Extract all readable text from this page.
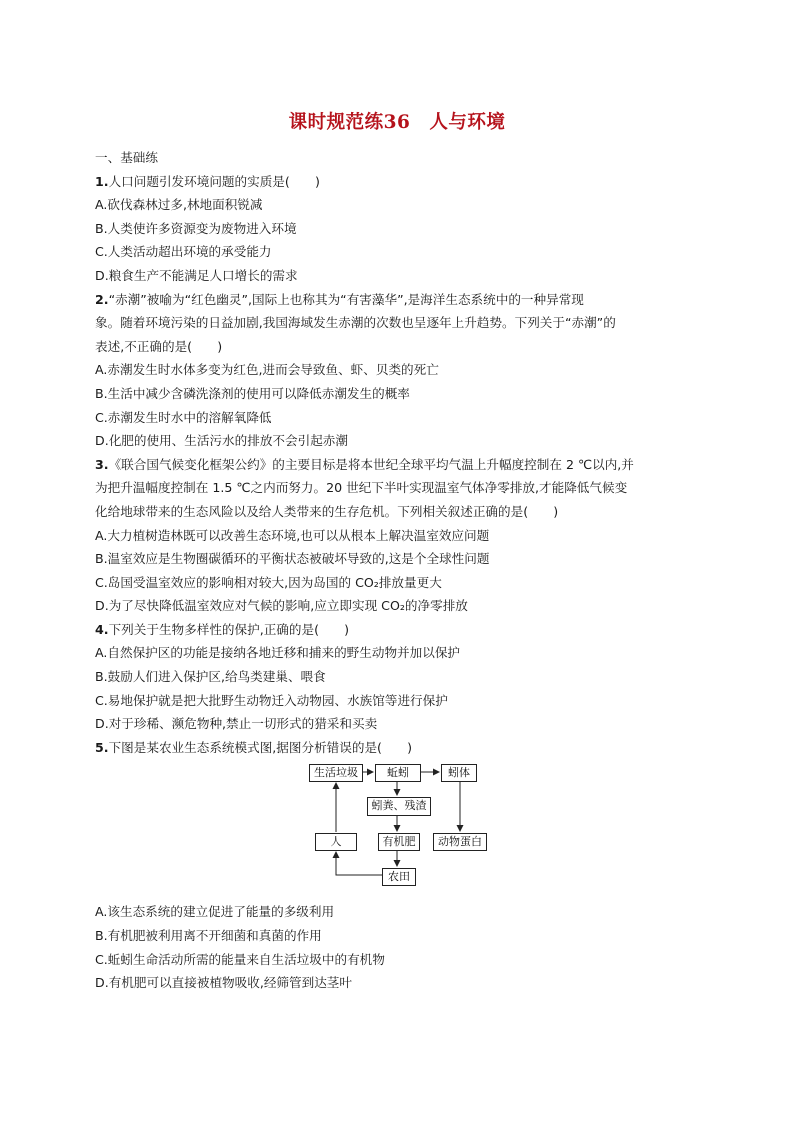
课时规范练36　人与环境
一、基础练
1.人口问题引发环境问题的实质是(　　)
A.砍伐森林过多,林地面积锐减
B.人类使许多资源变为废物进入环境
C.人类活动超出环境的承受能力
D.粮食生产不能满足人口增长的需求
2.“赤潮”被喻为“红色幽灵”,国际上也称其为“有害藻华”,是海洋生态系统中的一种异常现
象。随着环境污染的日益加剧,我国海域发生赤潮的次数也呈逐年上升趋势。下列关于“赤潮”的
表述,不正确的是(　　)
A.赤潮发生时水体多变为红色,进而会导致鱼、虾、贝类的死亡
B.生活中减少含磷洗涤剂的使用可以降低赤潮发生的概率
C.赤潮发生时水中的溶解氧降低
D.化肥的使用、生活污水的排放不会引起赤潮
3.《联合国气候变化框架公约》的主要目标是将本世纪全球平均气温上升幅度控制在 2 ℃以内,并
为把升温幅度控制在 1.5 ℃之内而努力。20 世纪下半叶实现温室气体净零排放,才能降低气候变
化给地球带来的生态风险以及给人类带来的生存危机。下列相关叙述正确的是(　　)
A.大力植树造林既可以改善生态环境,也可以从根本上解决温室效应问题
B.温室效应是生物圈碳循环的平衡状态被破坏导致的,这是个全球性问题
C.岛国受温室效应的影响相对较大,因为岛国的 CO₂排放量更大
D.为了尽快降低温室效应对气候的影响,应立即实现 CO₂的净零排放
4.下列关于生物多样性的保护,正确的是(　　)
A.自然保护区的功能是接纳各地迁移和捕来的野生动物并加以保护
B.鼓励人们进入保护区,给鸟类建巢、喂食
C.易地保护就是把大批野生动物迁入动物园、水族馆等进行保护
D.对于珍稀、濒危物种,禁止一切形式的猎采和买卖
5.下图是某农业生态系统模式图,据图分析错误的是(　　)
生活垃圾	蚯蚓	蚓体
蚓粪、残渣
人	有机肥	动物蛋白
农田
A.该生态系统的建立促进了能量的多级利用
B.有机肥被利用离不开细菌和真菌的作用
C.蚯蚓生命活动所需的能量来自生活垃圾中的有机物
D.有机肥可以直接被植物吸收,经筛管到达茎叶
